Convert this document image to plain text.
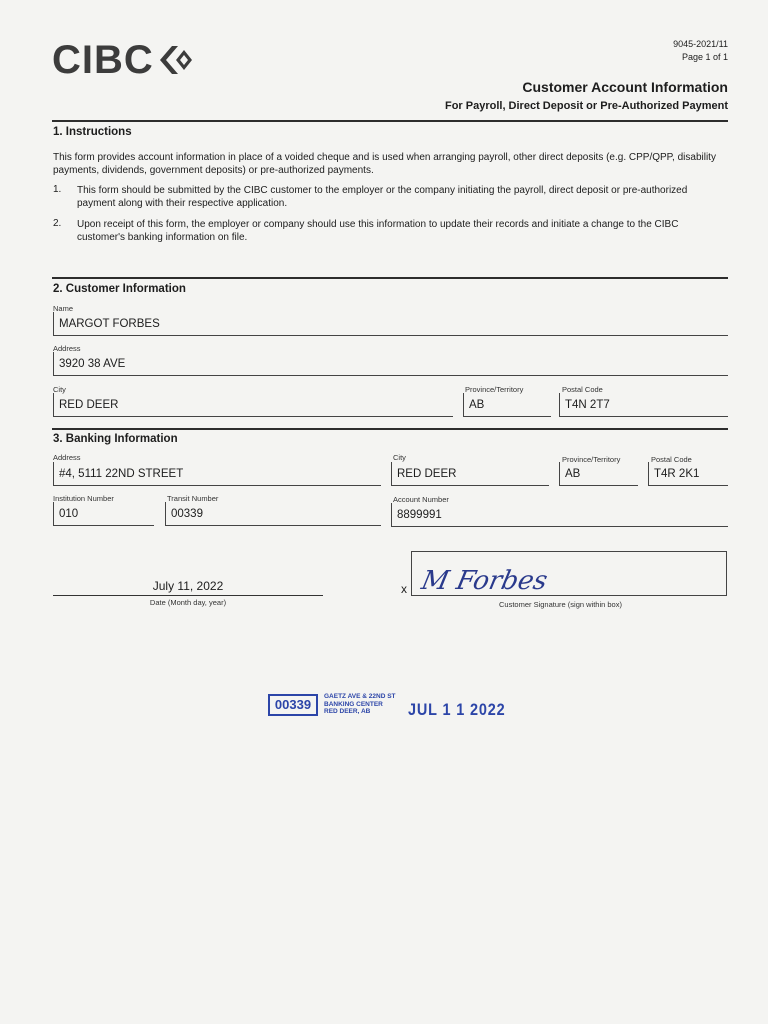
CIBC	9045-2021/11
Page 1 of 1
Customer Account Information
For Payroll, Direct Deposit or Pre-Authorized Payment
1. Instructions
This form provides account information in place of a voided cheque and is used when arranging payroll, other direct deposits (e.g. CPP/QPP, disability payments, dividends, government deposits) or pre-authorized payments.
1. This form should be submitted by the CIBC customer to the employer or the company initiating the payroll, direct deposit or pre-authorized payment along with their respective application.
2. Upon receipt of this form, the employer or company should use this information to update their records and initiate a change to the CIBC customer's banking information on file.
2. Customer Information
Name
MARGOT FORBES
Address
3920 38 AVE
City
RED DEER
Province/Territory
AB
Postal Code
T4N 2T7
3. Banking Information
Address
#4, 5111 22ND STREET
City
RED DEER
Province/Territory
AB
Postal Code
T4R 2K1
Institution Number
010
Transit Number
00339
Account Number
8899991
July 11, 2022
Date (Month day, year)
x M Forbes
Customer Signature (sign within box)
00339
GAETZ AVE & 22ND ST
BANKING CENTER
RED DEER, AB	JUL 1 1 2022
